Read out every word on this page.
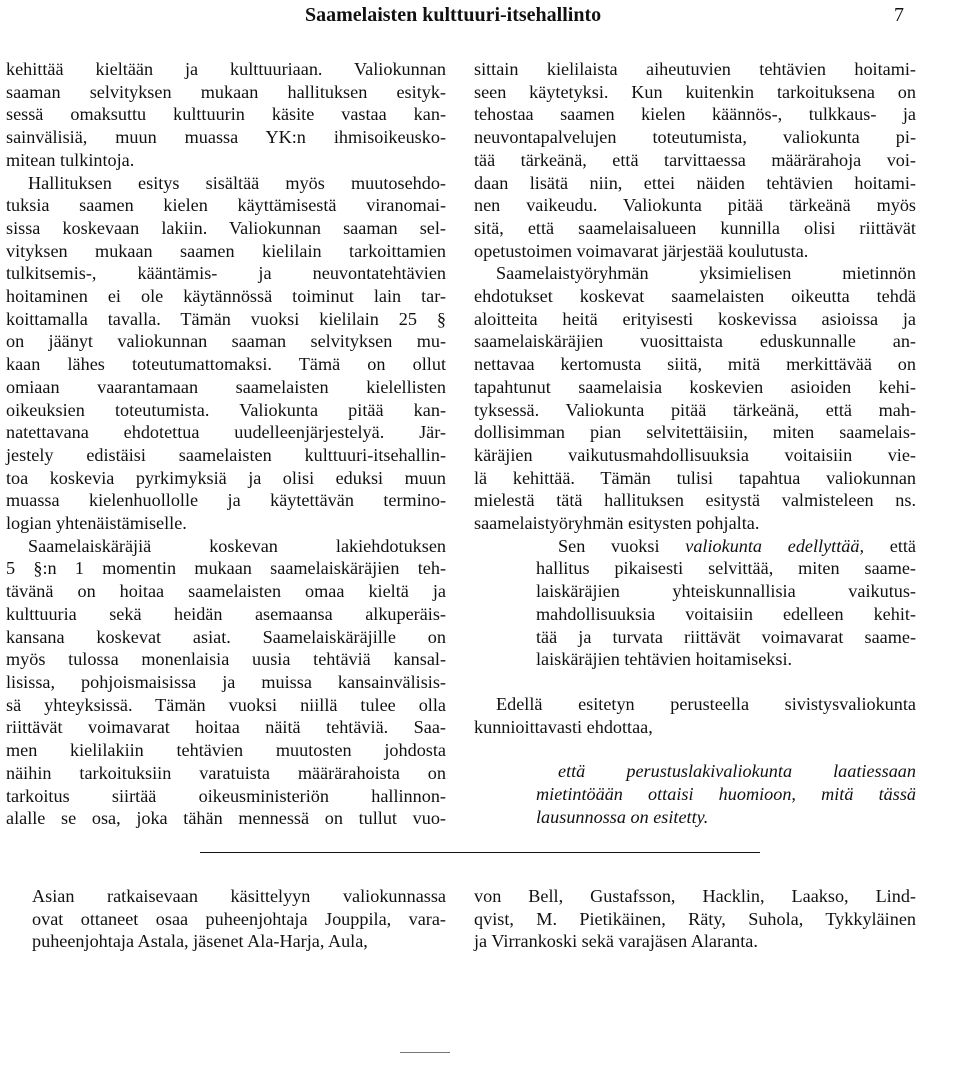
Saamelaisten kulttuuri-itsehallinto	7

kehittää kieltään ja kulttuuriaan. Valiokunnan
saaman selvityksen mukaan hallituksen esityk-
sessä omaksuttu kulttuurin käsite vastaa kan-
sainvälisiä, muun muassa YK:n ihmisoikeusko-
mitean tulkintoja.

Hallituksen esitys sisältää myös muutosehdo-
tuksia saamen kielen käyttämisestä viranomai-
sissa koskevaan lakiin. Valiokunnan saaman sel-
vityksen mukaan saamen kielilain tarkoittamien
tulkitsemis-, kääntämis- ja neuvontatehtävien
hoitaminen ei ole käytännössä toiminut lain tar-
koittamalla tavalla. Tämän vuoksi kielilain 25 §
on jäänyt valiokunnan saaman selvityksen mu-
kaan lähes toteutumattomaksi. Tämä on ollut
omiaan vaarantamaan saamelaisten kielellisten
oikeuksien toteutumista. Valiokunta pitää kan-
natettavana ehdotettua uudelleenjärjestelyä. Jär-
jestely edistäisi saamelaisten kulttuuri-itsehallin-
toa koskevia pyrkimyksiä ja olisi eduksi muun
muassa kielenhuollolle ja käytettävän termino-
logian yhtenäistämiselle.

Saamelaiskäräjiä koskevan lakiehdotuksen
5 §:n 1 momentin mukaan saamelaiskäräjien teh-
tävänä on hoitaa saamelaisten omaa kieltä ja
kulttuuria sekä heidän asemaansa alkuperäis-
kansana koskevat asiat. Saamelaiskäräjille on
myös tulossa monenlaisia uusia tehtäviä kansal-
lisissa, pohjoismaisissa ja muissa kansainvälisis-
sä yhteyksissä. Tämän vuoksi niillä tulee olla
riittävät voimavarat hoitaa näitä tehtäviä. Saa-
men kielilakiin tehtävien muutosten johdosta
näihin tarkoituksiin varatuista määrärahoista on
tarkoitus siirtää oikeusministeriön hallinnon-
alalle se osa, joka tähän mennessä on tullut vuo-

sittain kielilaista aiheutuvien tehtävien hoitami-
seen käytetyksi. Kun kuitenkin tarkoituksena on
tehostaa saamen kielen käännös-, tulkkaus- ja
neuvontapalvelujen toteutumista, valiokunta pi-
tää tärkeänä, että tarvittaessa määrärahoja voi-
daan lisätä niin, ettei näiden tehtävien hoitami-
nen vaikeudu. Valiokunta pitää tärkeänä myös
sitä, että saamelaisalueen kunnilla olisi riittävät
opetustoimen voimavarat järjestää koulutusta.

Saamelaistyöryhmän yksimielisen mietinnön
ehdotukset koskevat saamelaisten oikeutta tehdä
aloitteita heitä erityisesti koskevissa asioissa ja
saamelaiskäräjien vuosittaista eduskunnalle an-
nettavaa kertomusta siitä, mitä merkittävää on
tapahtunut saamelaisia koskevien asioiden kehi-
tyksessä. Valiokunta pitää tärkeänä, että mah-
dollisimman pian selvitettäisiin, miten saamelais-
käräjien vaikutusmahdollisuuksia voitaisiin vie-
lä kehittää. Tämän tulisi tapahtua valiokunnan
mielestä tätä hallituksen esitystä valmisteleen ns.
saamelaistyöryhmän esitysten pohjalta.

Sen vuoksi valiokunta edellyttää, että
hallitus pikaisesti selvittää, miten saame-
laiskäräjien yhteiskunnallisia vaikutus-
mahdollisuuksia voitaisiin edelleen kehit-
tää ja turvata riittävät voimavarat saame-
laiskäräjien tehtävien hoitamiseksi.

Edellä esitetyn perusteella sivistysvaliokunta
kunnioittavasti ehdottaa,

että perustuslakivaliokunta laatiessaan
mietintöään ottaisi huomioon, mitä tässä
lausunnossa on esitetty.

Asian ratkaisevaan käsittelyyn valiokunnassa
ovat ottaneet osaa puheenjohtaja Jouppila, vara-
puheenjohtaja Astala, jäsenet Ala-Harja, Aula,
von Bell, Gustafsson, Hacklin, Laakso, Lind-
qvist, M. Pietikäinen, Räty, Suhola, Tykkyläinen
ja Virrankoski sekä varajäsen Alaranta.
